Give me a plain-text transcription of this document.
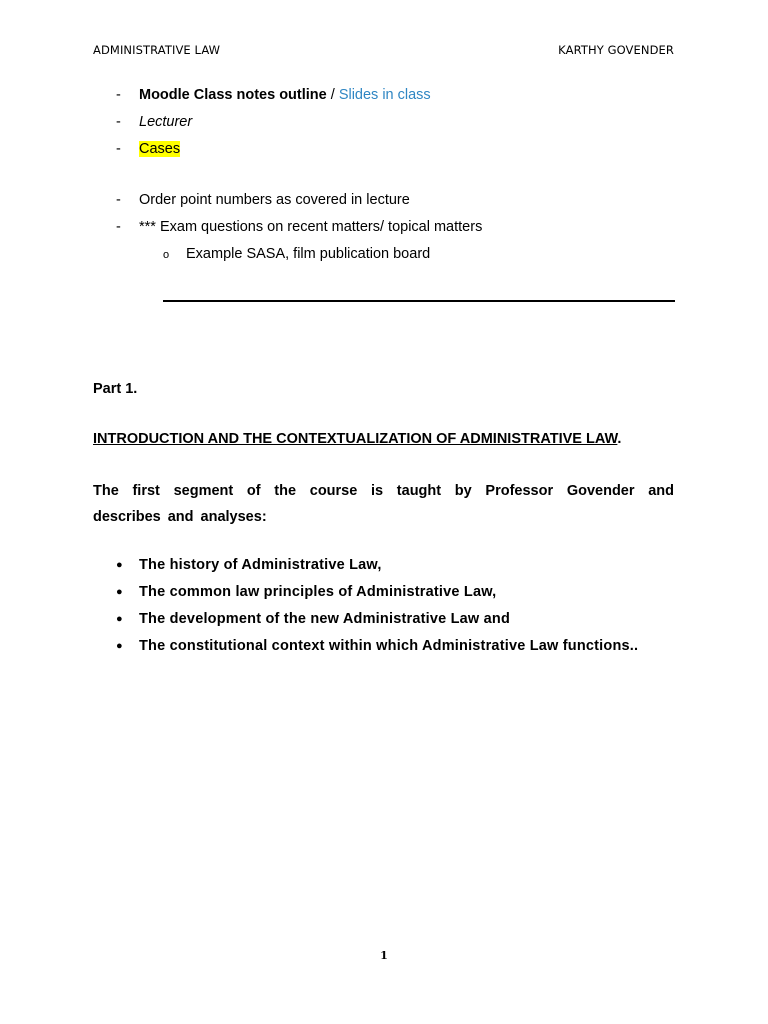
ADMINISTRATIVE LAW	KARTHY GOVENDER
- Moodle Class notes outline / Slides in class
- Lecturer
- Cases
- Order point numbers as covered in lecture
- *** Exam questions on recent matters/ topical matters
o Example SASA, film publication board
Part 1.
INTRODUCTION AND THE CONTEXTUALIZATION OF ADMINISTRATIVE LAW.
The first segment of the course is taught by Professor Govender and describes and analyses:
● The history of Administrative Law,
● The common law principles of Administrative Law,
● The development of the new Administrative Law and
● The constitutional context within which Administrative Law functions..
1
